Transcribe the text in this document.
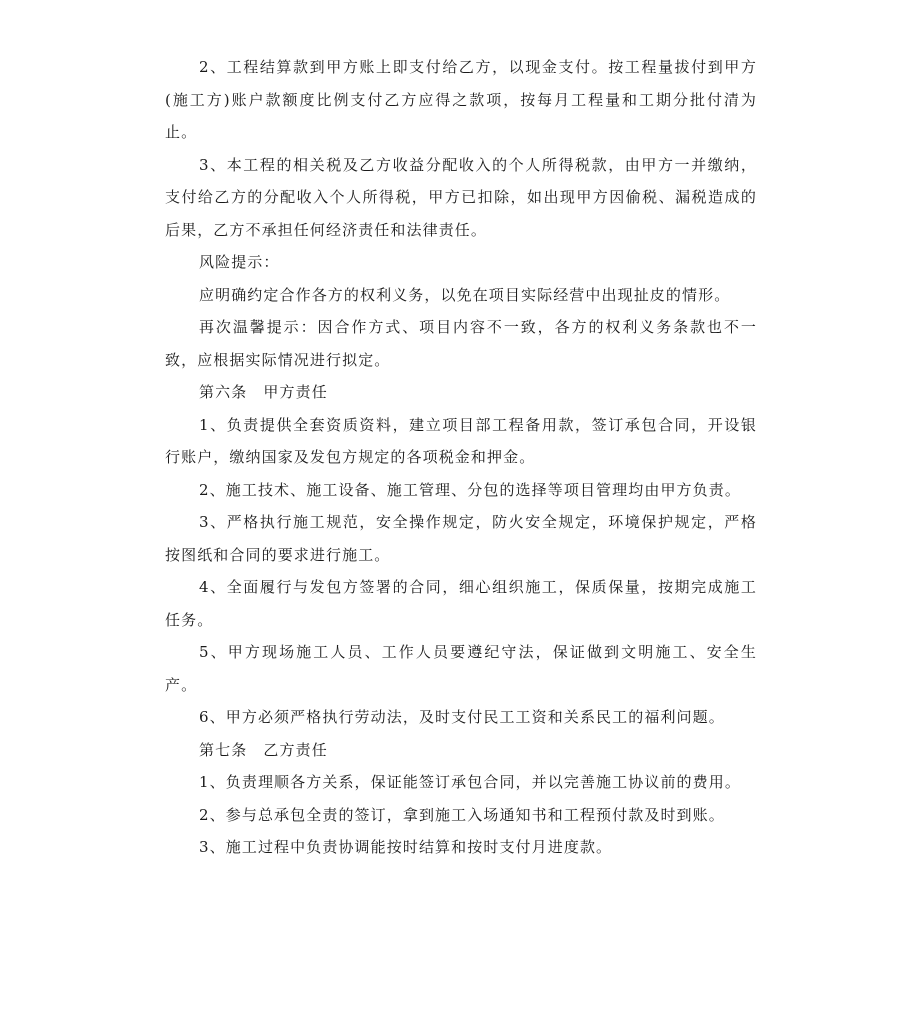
2、工程结算款到甲方账上即支付给乙方，以现金支付。按工程量拔付到甲方(施工方)账户款额度比例支付乙方应得之款项，按每月工程量和工期分批付清为止。

3、本工程的相关税及乙方收益分配收入的个人所得税款，由甲方一并缴纳，支付给乙方的分配收入个人所得税，甲方已扣除，如出现甲方因偷税、漏税造成的后果，乙方不承担任何经济责任和法律责任。

风险提示：

应明确约定合作各方的权利义务，以免在项目实际经营中出现扯皮的情形。

再次温馨提示：因合作方式、项目内容不一致，各方的权利义务条款也不一致，应根据实际情况进行拟定。

第六条　甲方责任

1、负责提供全套资质资料，建立项目部工程备用款，签订承包合同，开设银行账户，缴纳国家及发包方规定的各项税金和押金。

2、施工技术、施工设备、施工管理、分包的选择等项目管理均由甲方负责。

3、严格执行施工规范，安全操作规定，防火安全规定，环境保护规定，严格按图纸和合同的要求进行施工。

4、全面履行与发包方签署的合同，细心组织施工，保质保量，按期完成施工任务。

5、甲方现场施工人员、工作人员要遵纪守法，保证做到文明施工、安全生产。

6、甲方必须严格执行劳动法，及时支付民工工资和关系民工的福利问题。

第七条　乙方责任

1、负责理顺各方关系，保证能签订承包合同，并以完善施工协议前的费用。

2、参与总承包全责的签订，拿到施工入场通知书和工程预付款及时到账。

3、施工过程中负责协调能按时结算和按时支付月进度款。
